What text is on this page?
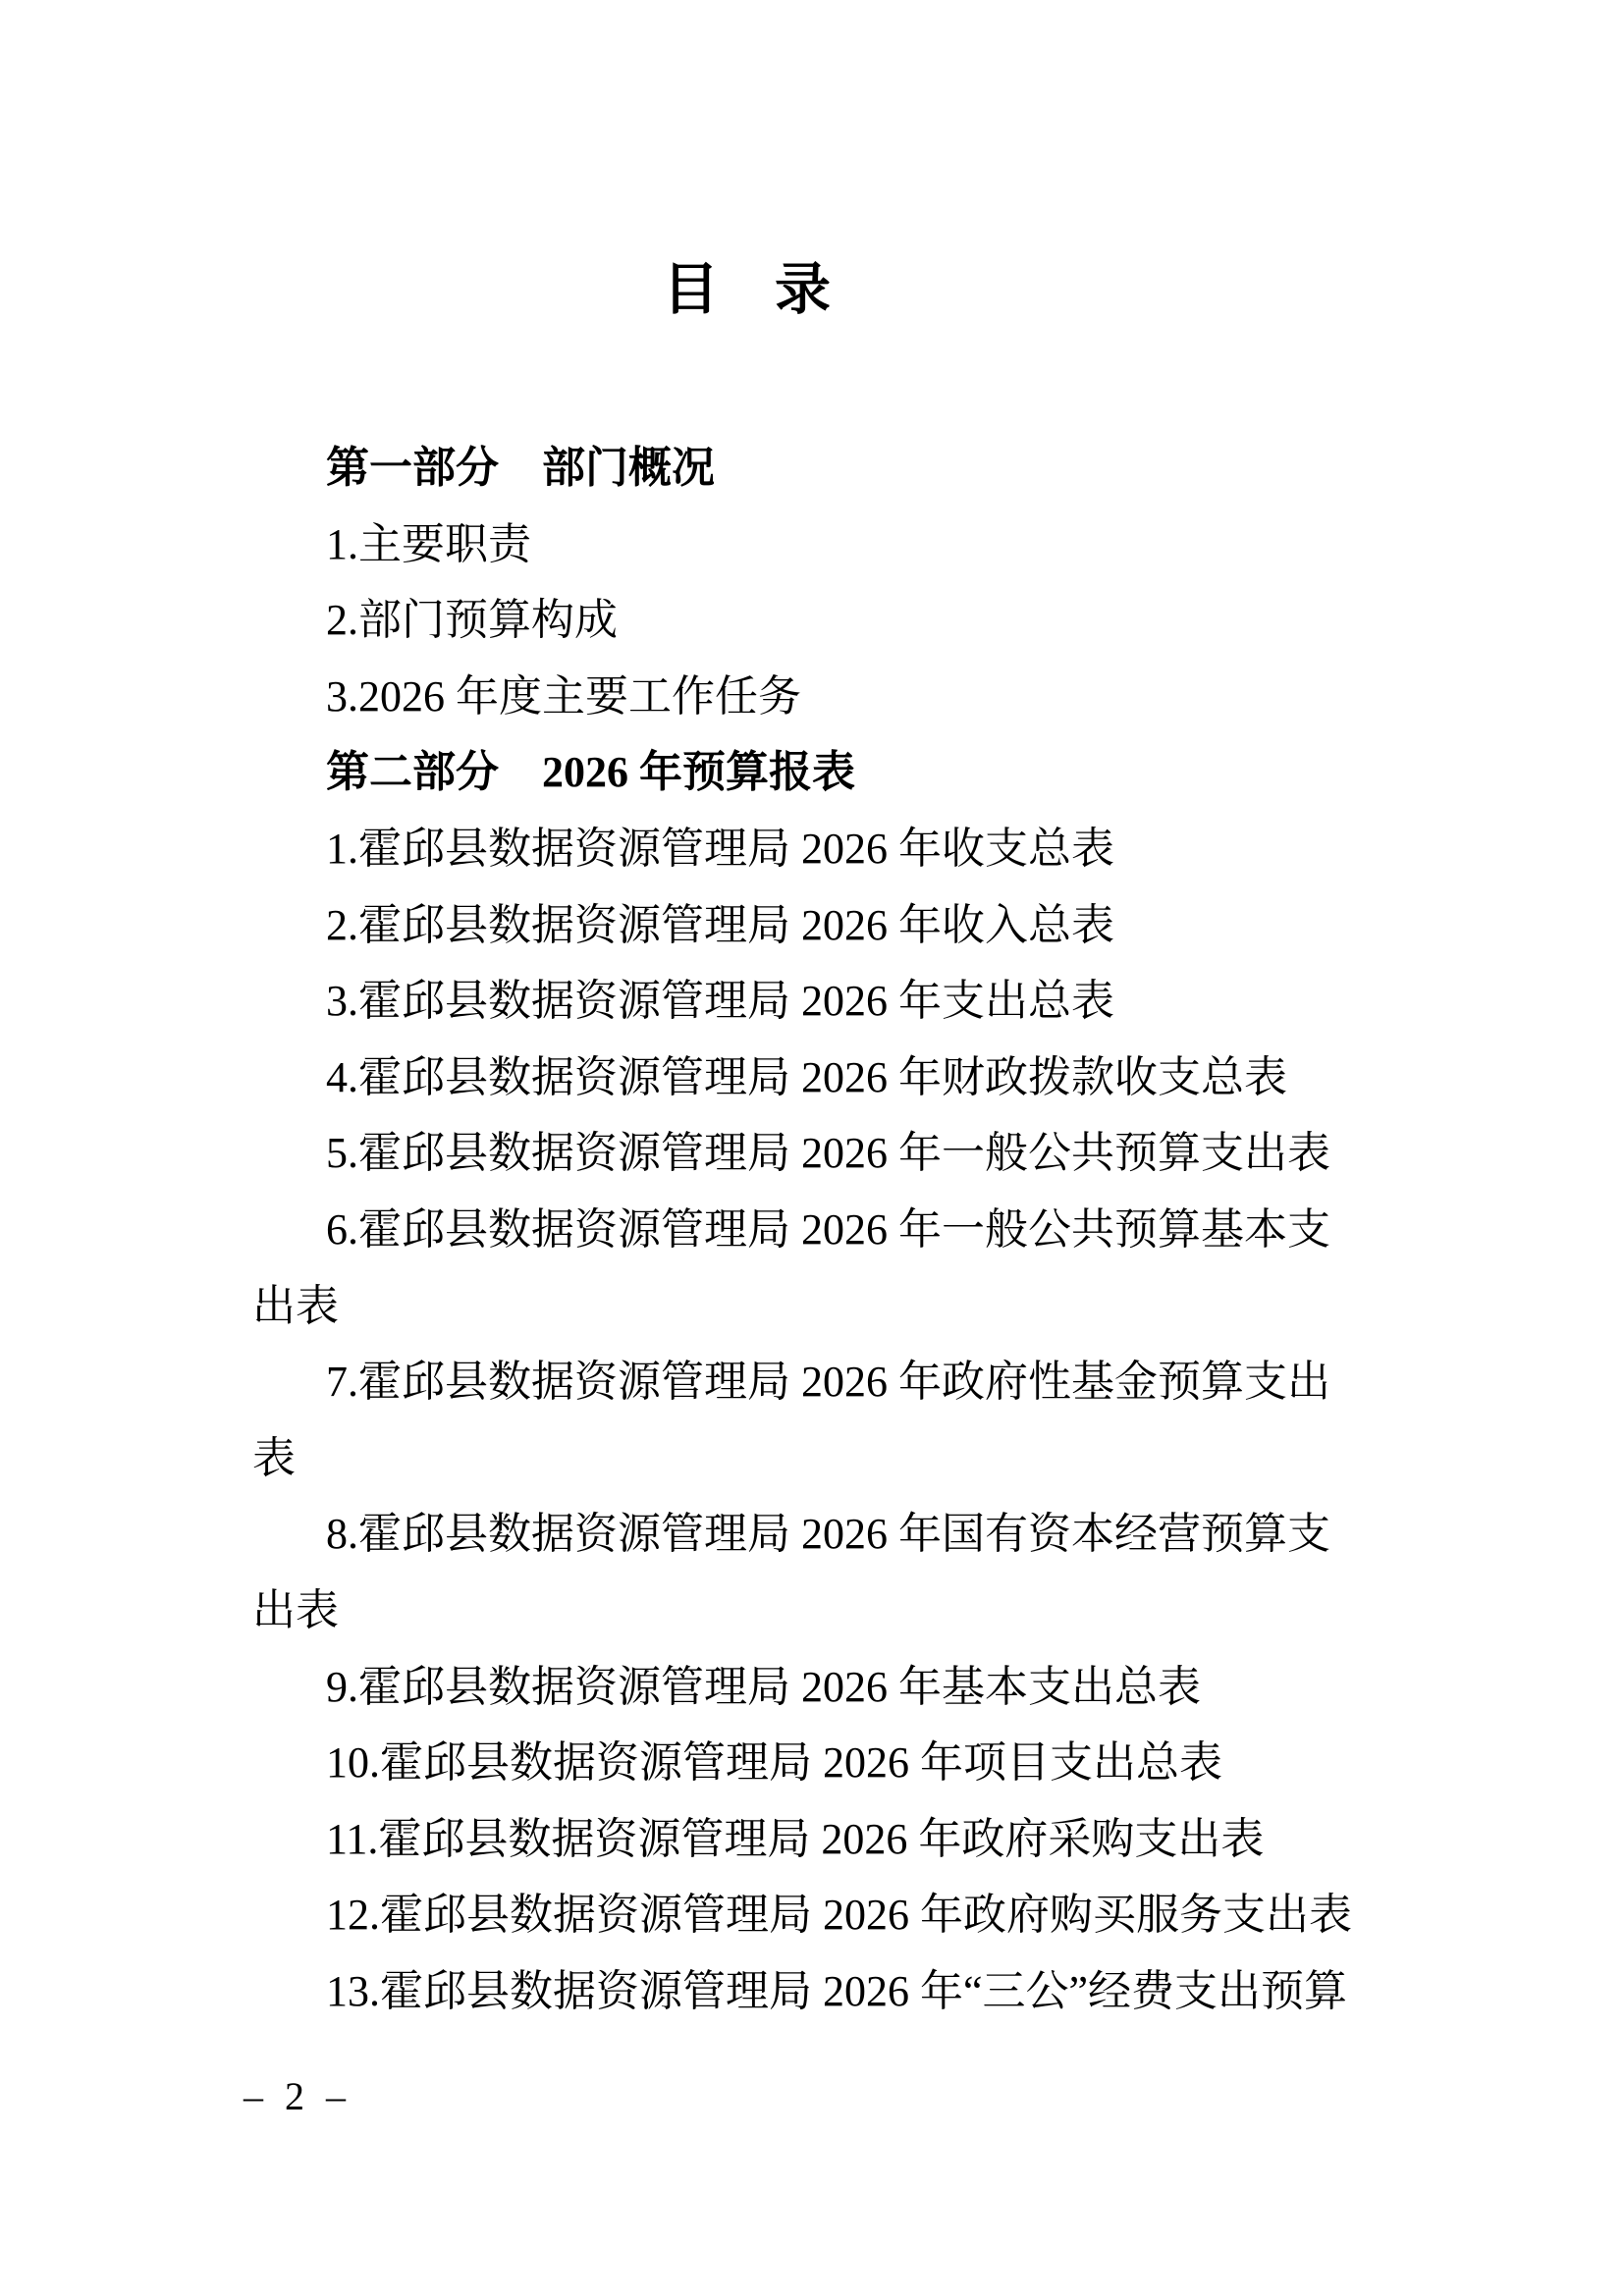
目　录
第一部分　部门概况
1.主要职责
2.部门预算构成
3.2026 年度主要工作任务
第二部分　2026 年预算报表
1.霍邱县数据资源管理局 2026 年收支总表
2.霍邱县数据资源管理局 2026 年收入总表
3.霍邱县数据资源管理局 2026 年支出总表
4.霍邱县数据资源管理局 2026 年财政拨款收支总表
5.霍邱县数据资源管理局 2026 年一般公共预算支出表
6.霍邱县数据资源管理局 2026 年一般公共预算基本支
出表
7.霍邱县数据资源管理局 2026 年政府性基金预算支出
表
8.霍邱县数据资源管理局 2026 年国有资本经营预算支
出表
9.霍邱县数据资源管理局 2026 年基本支出总表
10.霍邱县数据资源管理局 2026 年项目支出总表
11.霍邱县数据资源管理局 2026 年政府采购支出表
12.霍邱县数据资源管理局 2026 年政府购买服务支出表
13.霍邱县数据资源管理局 2026 年“三公”经费支出预算
– 2 –
